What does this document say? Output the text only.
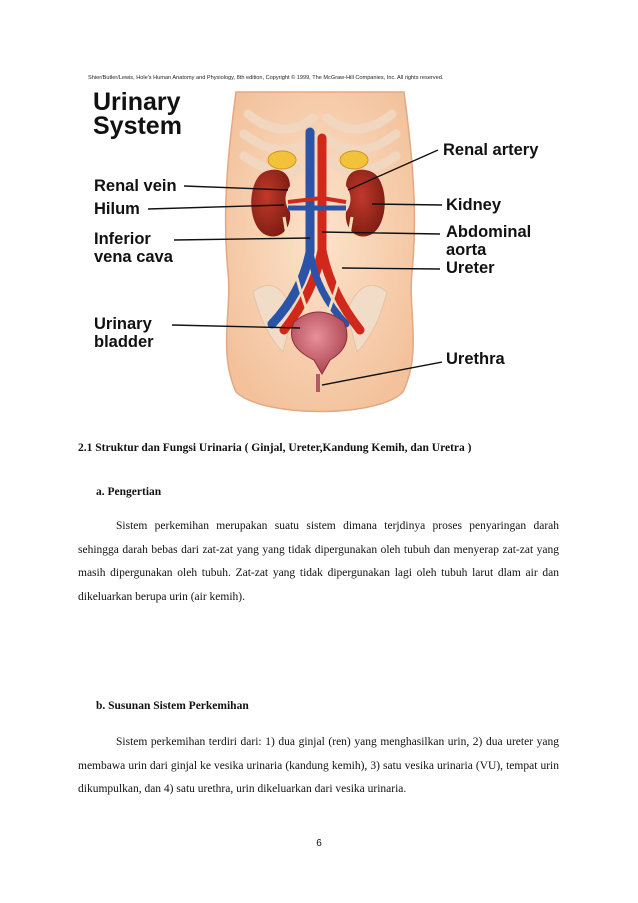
Shier/Butler/Lewis, Hole's Human Anatomy and Physiology, 8th edition, Copyright © 1999, The McGraw-Hill Companies, Inc. All rights reserved.
Urinary System
Renal vein
Hilum
Inferior vena cava
Urinary bladder
Renal artery
Kidney
Abdominal aorta
Ureter
Urethra
2.1 Struktur dan Fungsi Urinaria ( Ginjal, Ureter,Kandung Kemih, dan Uretra )
a. Pengertian

Sistem perkemihan merupakan suatu sistem dimana terjdinya proses penyaringan darah sehingga darah bebas dari zat-zat yang yang tidak dipergunakan oleh tubuh dan menyerap zat-zat yang masih dipergunakan oleh tubuh. Zat-zat yang tidak dipergunakan lagi oleh tubuh larut dlam air dan dikeluarkan berupa urin (air kemih).

b. Susunan Sistem Perkemihan

Sistem perkemihan terdiri dari: 1) dua ginjal (ren) yang menghasilkan urin, 2) dua ureter yang membawa urin dari ginjal ke vesika urinaria (kandung kemih), 3) satu vesika urinaria (VU), tempat urin dikumpulkan, dan 4) satu urethra, urin dikeluarkan dari vesika urinaria.

6
